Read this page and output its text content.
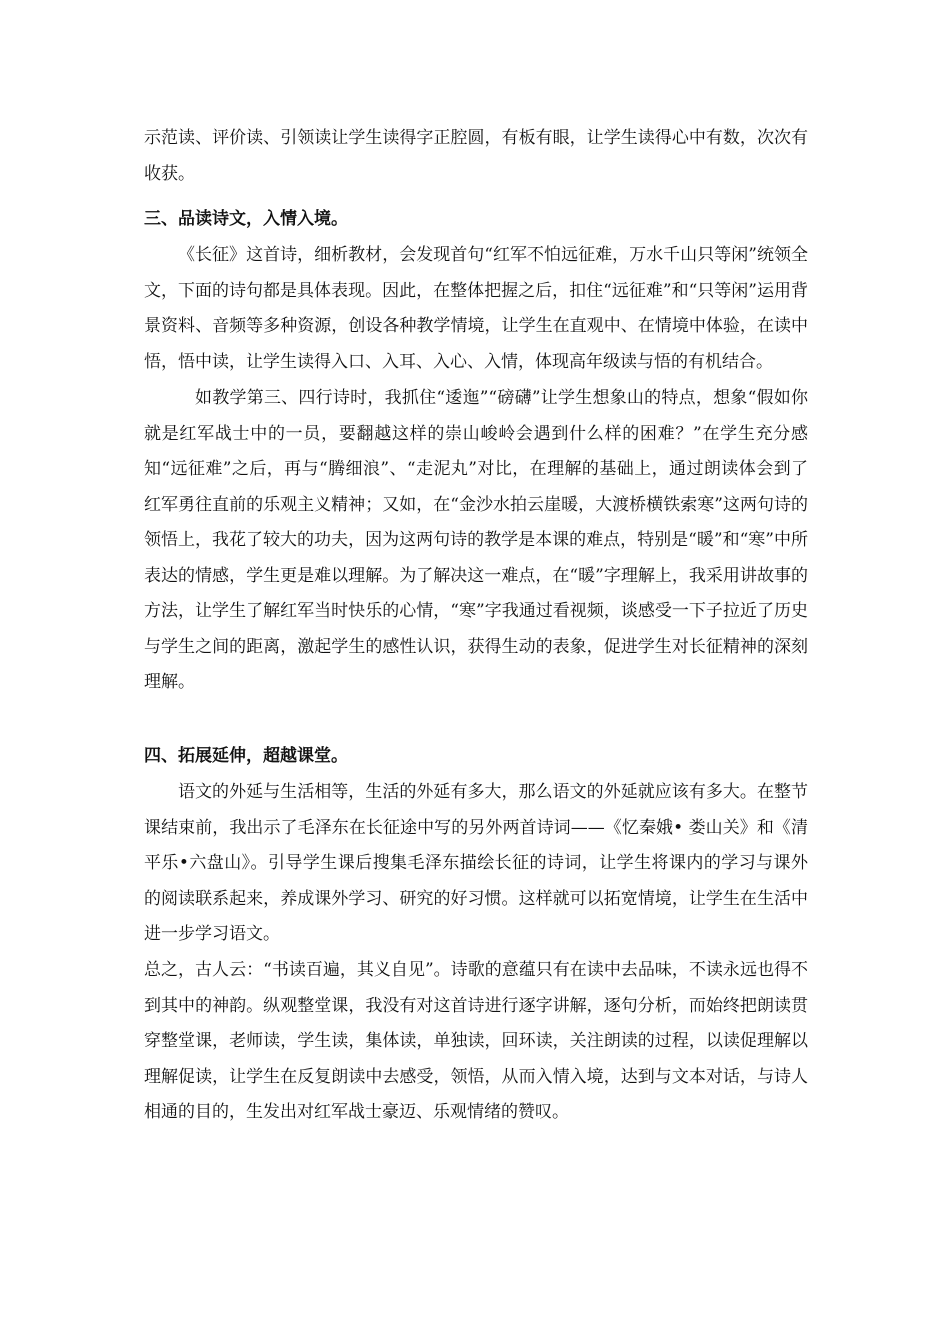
示范读、评价读、引领读让学生读得字正腔圆，有板有眼，让学生读得心中有数，次次有收获。

三、品读诗文，入情入境。

《长征》这首诗，细析教材，会发现首句“红军不怕远征难，万水千山只等闲”统领全文，下面的诗句都是具体表现。因此，在整体把握之后，扣住“远征难”和“只等闲”运用背景资料、音频等多种资源，创设各种教学情境，让学生在直观中、在情境中体验，在读中悟，悟中读，让学生读得入口、入耳、入心、入情，体现高年级读与悟的有机结合。

如教学第三、四行诗时，我抓住“逶迤”“磅礴”让学生想象山的特点，想象“假如你就是红军战士中的一员，要翻越这样的崇山峻岭会遇到什么样的困难？”在学生充分感知“远征难”之后，再与“腾细浪”、“走泥丸”对比，在理解的基础上，通过朗读体会到了红军勇往直前的乐观主义精神；又如，在“金沙水拍云崖暖，大渡桥横铁索寒”这两句诗的领悟上，我花了较大的功夫，因为这两句诗的教学是本课的难点，特别是“暖”和“寒”中所表达的情感，学生更是难以理解。为了解决这一难点，在“暖”字理解上，我采用讲故事的方法，让学生了解红军当时快乐的心情，“寒”字我通过看视频，谈感受一下子拉近了历史与学生之间的距离，激起学生的感性认识，获得生动的表象，促进学生对长征精神的深刻理解。

四、拓展延伸，超越课堂。

语文的外延与生活相等，生活的外延有多大，那么语文的外延就应该有多大。在整节课结束前，我出示了毛泽东在长征途中写的另外两首诗词——《忆秦娥• 娄山关》和《清平乐•六盘山》。引导学生课后搜集毛泽东描绘长征的诗词，让学生将课内的学习与课外的阅读联系起来，养成课外学习、研究的好习惯。这样就可以拓宽情境，让学生在生活中进一步学习语文。

总之，古人云：“书读百遍，其义自见”。诗歌的意蕴只有在读中去品味，不读永远也得不到其中的神韵。纵观整堂课，我没有对这首诗进行逐字讲解，逐句分析，而始终把朗读贯穿整堂课，老师读，学生读，集体读，单独读，回环读，关注朗读的过程，以读促理解以理解促读，让学生在反复朗读中去感受，领悟，从而入情入境，达到与文本对话，与诗人相通的目的，生发出对红军战士豪迈、乐观情绪的赞叹。
